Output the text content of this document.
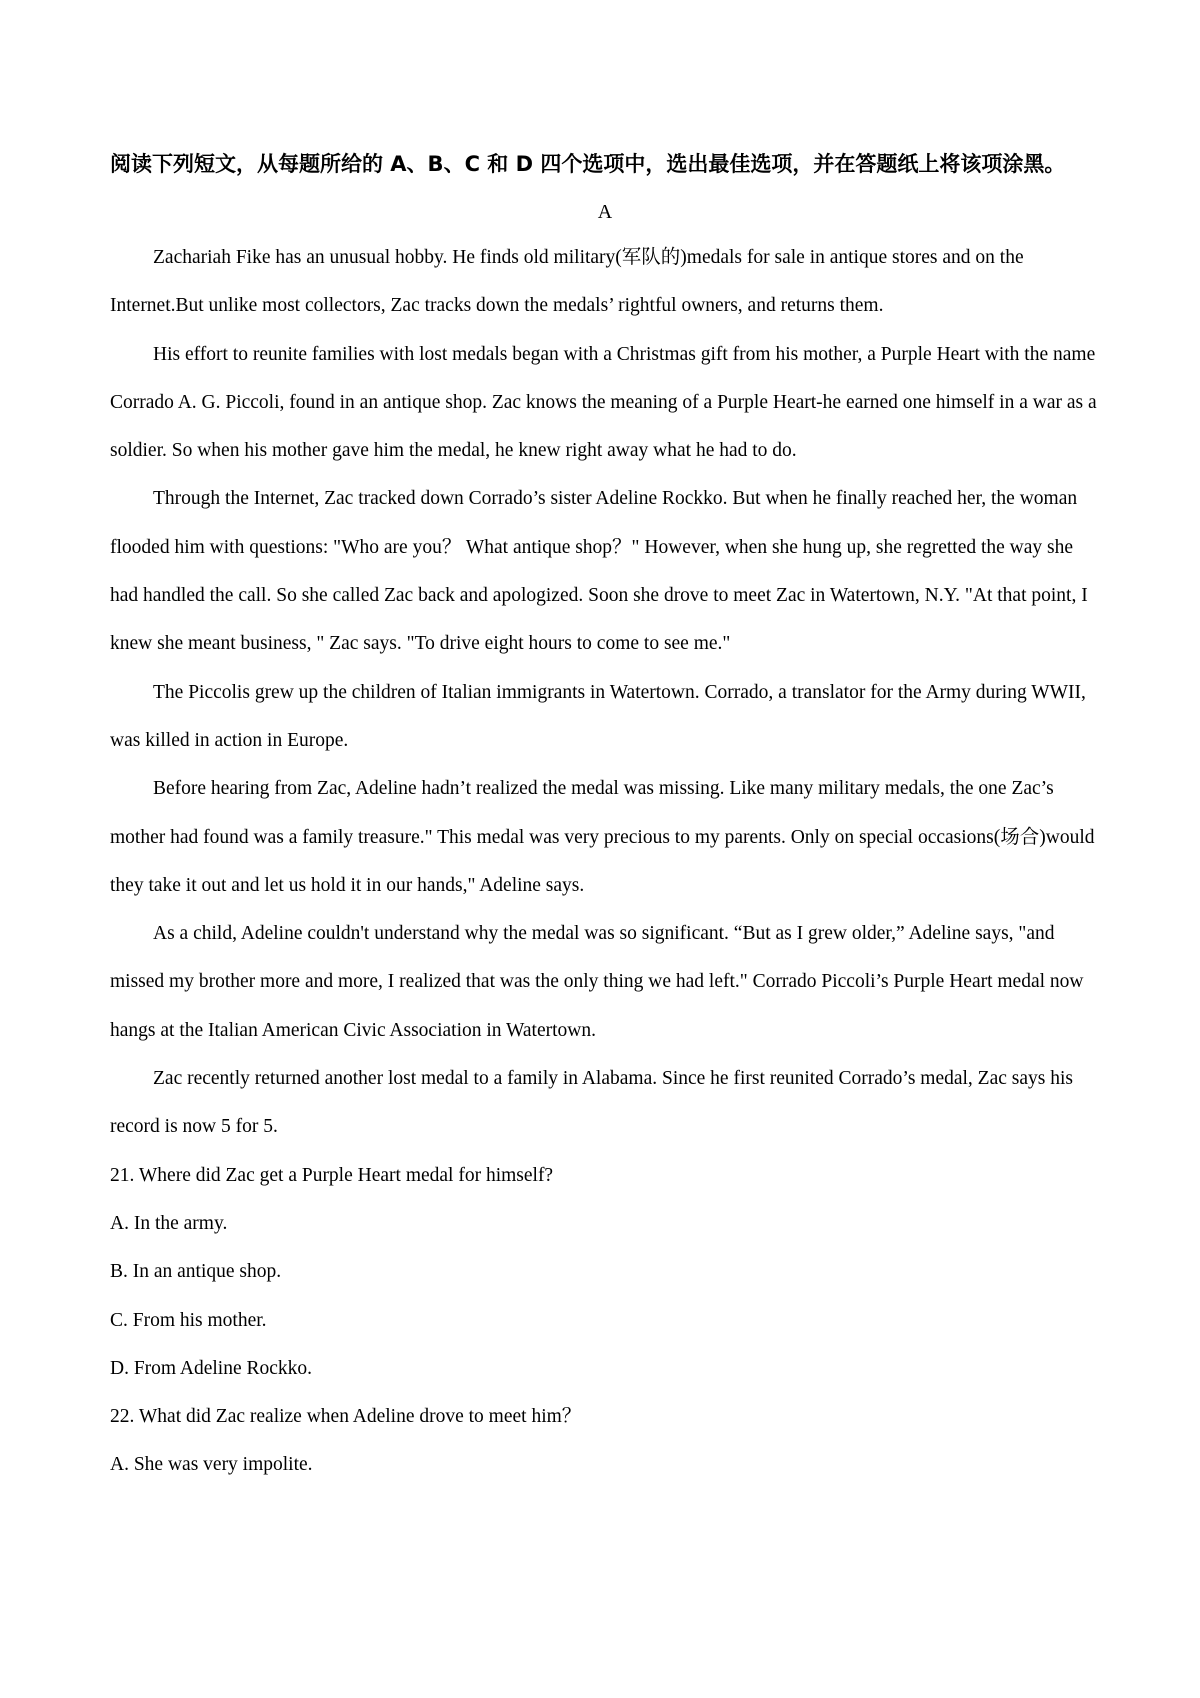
阅读下列短文，从每题所给的 A、B、C 和 D 四个选项中，选出最佳选项，并在答题纸上将该项涂黑。

A

Zachariah Fike has an unusual hobby. He finds old military(军队的)medals for sale in antique stores and on the Internet.But unlike most collectors, Zac tracks down the medals’ rightful owners, and returns them.

His effort to reunite families with lost medals began with a Christmas gift from his mother, a Purple Heart with the name Corrado A. G. Piccoli, found in an antique shop. Zac knows the meaning of a Purple Heart-he earned one himself in a war as a soldier. So when his mother gave him the medal, he knew right away what he had to do.

Through the Internet, Zac tracked down Corrado’s sister Adeline Rockko. But when he finally reached her, the woman flooded him with questions: "Who are you？ What antique shop？" However, when she hung up, she regretted the way she had handled the call. So she called Zac back and apologized. Soon she drove to meet Zac in Watertown, N.Y. "At that point, I knew she meant business, " Zac says. "To drive eight hours to come to see me."

The Piccolis grew up the children of Italian immigrants in Watertown. Corrado, a translator for the Army during WWII, was killed in action in Europe.

Before hearing from Zac, Adeline hadn’t realized the medal was missing. Like many military medals, the one Zac’s mother had found was a family treasure." This medal was very precious to my parents. Only on special occasions(场合)would they take it out and let us hold it in our hands," Adeline says.

As a child, Adeline couldn't understand why the medal was so significant. “But as I grew older,” Adeline says, "and missed my brother more and more, I realized that was the only thing we had left." Corrado Piccoli’s Purple Heart medal now hangs at the Italian American Civic Association in Watertown.

Zac recently returned another lost medal to a family in Alabama. Since he first reunited Corrado’s medal, Zac says his record is now 5 for 5.

21. Where did Zac get a Purple Heart medal for himself?

A. In the army.

B. In an antique shop.

C. From his mother.

D. From Adeline Rockko.

22. What did Zac realize when Adeline drove to meet him？

A. She was very impolite.
